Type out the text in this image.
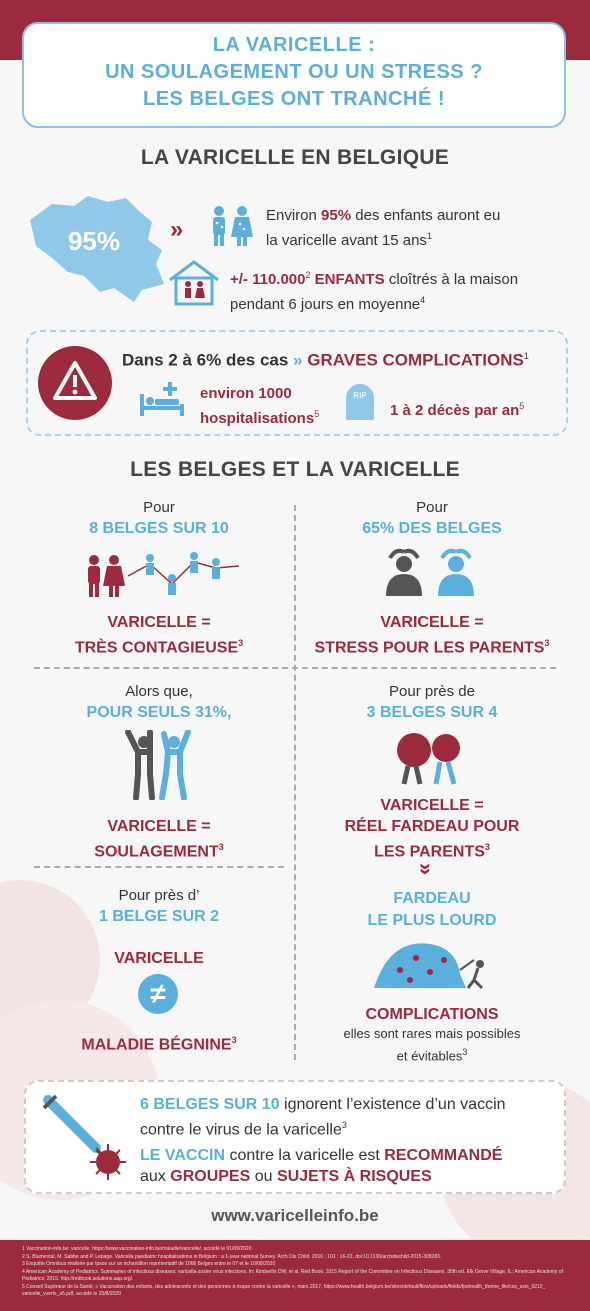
LA VARICELLE :
UN SOULAGEMENT OU UN STRESS ?
LES BELGES ONT TRANCHÉ !
LA VARICELLE EN BELGIQUE
95% »
Environ 95% des enfants auront eu
la varicelle avant 15 ans$^1$
+/- 110.000$^2$ ENFANTS cloîtrés à la maison
pendant 6 jours en moyenne$^4$
Dans 2 à 6% des cas » GRAVES COMPLICATIONS$^1$
environ 1000
hospitalisations$^5$
RIP
1 à 2 décès par $an^5$
LES BELGES ET LA VARICELLE
Pour
8 BELGES SUR 10
VARICELLE =
TRÈS CONTAGIEUSE$^3$
Pour
65% DES BELGES
VARICELLE =
STRESS POUR LES PARENTS$^3$
Alors que,
POUR SEULS 31%,
VARICELLE =
$SOULAGEMENT^3$
Pour près de
3 BELGES SUR 4
VARICELLE =
RÉEL FARDEAU POUR
LES PARENTS$^3$
»
FARDEAU
LE PLUS LOURD
COMPLICATIONS
elles sont rares mais possibles
et évitables$^3$
Pour près d’
1 BELGE SUR 2
VARICELLE
≠
MALADIE BÉGNINE$^3$
6 BELGES SUR 10 ignorent l’existence d’un vaccin
contre le virus de la varicelle$^3$
LE VACCIN contre la varicelle est RECOMMANDÉ
aux GROUPES ou SUJETS À RISQUES
www.varicelleinfo.be
1 Vaccination-info.be: varicelle. https://www.vaccination-info.be/maladie/varicelle/, accédé le 01/09/2020
2 S. Blumental, M. Sabbe and P. Lepage. Varicella paediatric hospitalisations in Belgium : a 1-year national Survey. Arch Dis Child. 2016 ; 101 : 16-22. doi:10.1136/archdischild-2015-308283.
3 Enquête Omnibus réalisée par Ipsos sur un échantillon représentatif de 1066 Belges entre le 07 et le 10/08/2020
4 American Academy of Pediatrics. Summaries of infectious diseases: varicella-zoster virus infections. In: Kimberlin DW, et al. Red Book: 2015 Report of the Committee on Infectious Diseases. 30th ed. Elk Grove Village, IL: American Academy of
Pediatrics; 2015. http://redbook.solutions.aap.org/.
5 Conseil Supérieur de la Santé, « Vaccination des enfants, des adolescents et des personnes à risque contre la varicelle », mars 2017, https://www.health.belgium.be/sites/default/files/uploads/fields/fpshealth_theme_file/css_avis_9212_
varicelle_vverlo_a5.pdf, accédé le 25/8/2020
